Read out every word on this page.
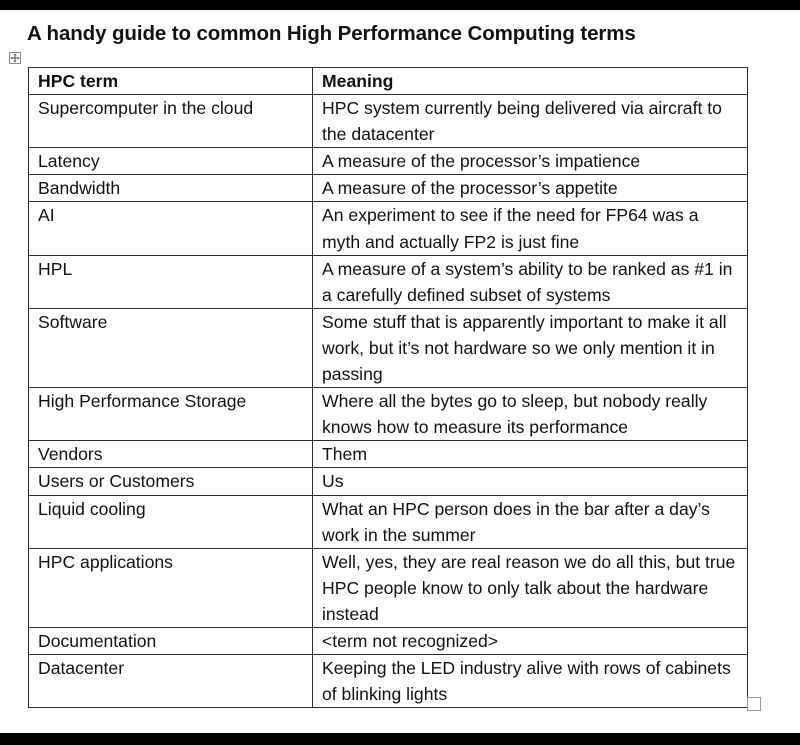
A handy guide to common High Performance Computing terms
HPC term	Meaning
Supercomputer in the cloud	HPC system currently being delivered via aircraft to the datacenter
Latency	A measure of the processor’s impatience
Bandwidth	A measure of the processor’s appetite
AI	An experiment to see if the need for FP64 was a myth and actually FP2 is just fine
HPL	A measure of a system’s ability to be ranked as #1 in a carefully defined subset of systems
Software	Some stuff that is apparently important to make it all work, but it’s not hardware so we only mention it in passing
High Performance Storage	Where all the bytes go to sleep, but nobody really knows how to measure its performance
Vendors	Them
Users or Customers	Us
Liquid cooling	What an HPC person does in the bar after a day’s work in the summer
HPC applications	Well, yes, they are real reason we do all this, but true HPC people know to only talk about the hardware instead
Documentation	<term not recognized>
Datacenter	Keeping the LED industry alive with rows of cabinets of blinking lights
